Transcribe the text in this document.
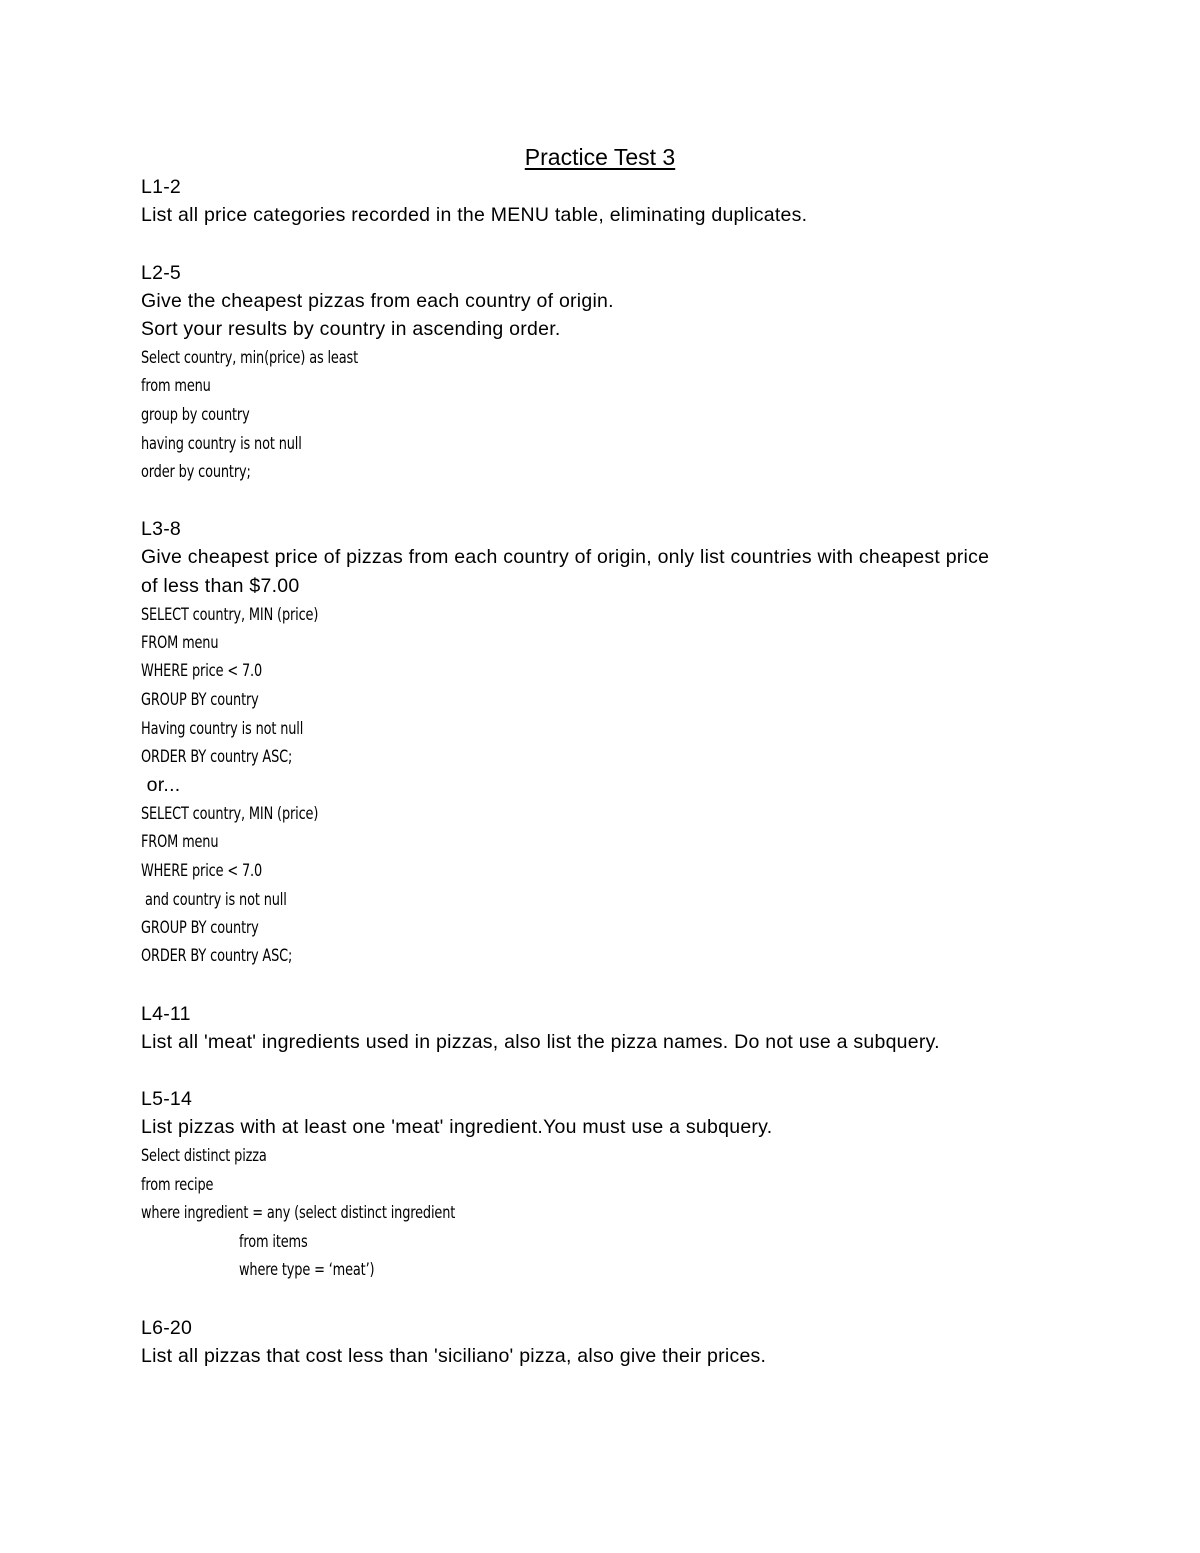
Practice Test 3
L1-2
List all price categories recorded in the MENU table, eliminating duplicates.
L2-5
Give the cheapest pizzas from each country of origin.
Sort your results by country in ascending order.
Select country, min(price) as least
from menu
group by country
having country is not null
order by country;
L3-8
Give cheapest price of pizzas from each country of origin, only list countries with cheapest price
of less than $7.00
SELECT country, MIN (price)
FROM menu
WHERE price < 7.0
GROUP BY country
Having country is not null
ORDER BY country ASC;
or...
SELECT country, MIN (price)
FROM menu
WHERE price < 7.0
and country is not null
GROUP BY country
ORDER BY country ASC;
L4-11
List all 'meat' ingredients used in pizzas, also list the pizza names. Do not use a subquery.
L5-14
List pizzas with at least one 'meat' ingredient.You must use a subquery.
Select distinct pizza
from recipe
where ingredient = any (select distinct ingredient
from items
where type = ‘meat’)
L6-20
List all pizzas that cost less than 'siciliano' pizza, also give their prices.
